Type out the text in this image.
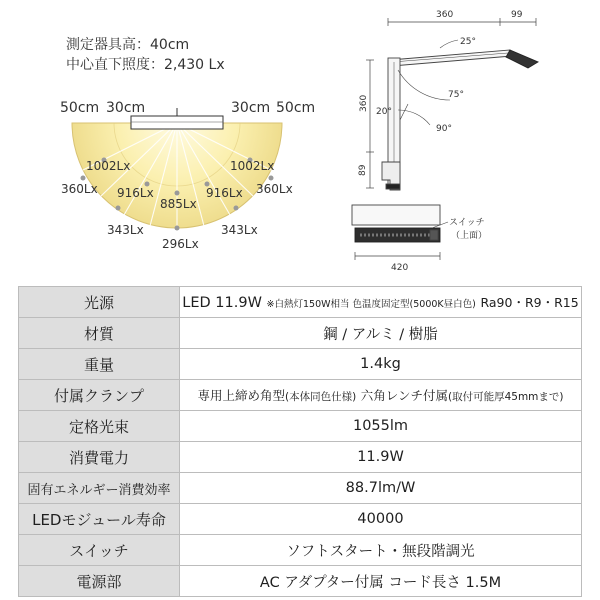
測定器具高：40cm
中心直下照度：2,430 Lx
50cm 30cm	30cm 50cm
1002Lx	1002Lx
360Lx 916Lx	916Lx 360Lx
885Lx
343Lx	343Lx
296Lx
360	99
25°
75°
20°
90°
360
89
スイッチ
（上面）
420
光源	LED 11.9W ※白熱灯150W相当 色温度固定型(5000K昼白色) Ra90・R9・R15
材質	鋼 / アルミ / 樹脂
重量	1.4kg
付属クランプ	専用上締め角型(本体同色仕様) 六角レンチ付属(取付可能厚45mmまで)
定格光束	1055lm
消費電力	11.9W
固有エネルギー消費効率	88.7lm/W
LEDモジュール寿命	40000
スイッチ	ソフトスタート・無段階調光
電源部	AC アダプター付属 コード長さ 1.5M
